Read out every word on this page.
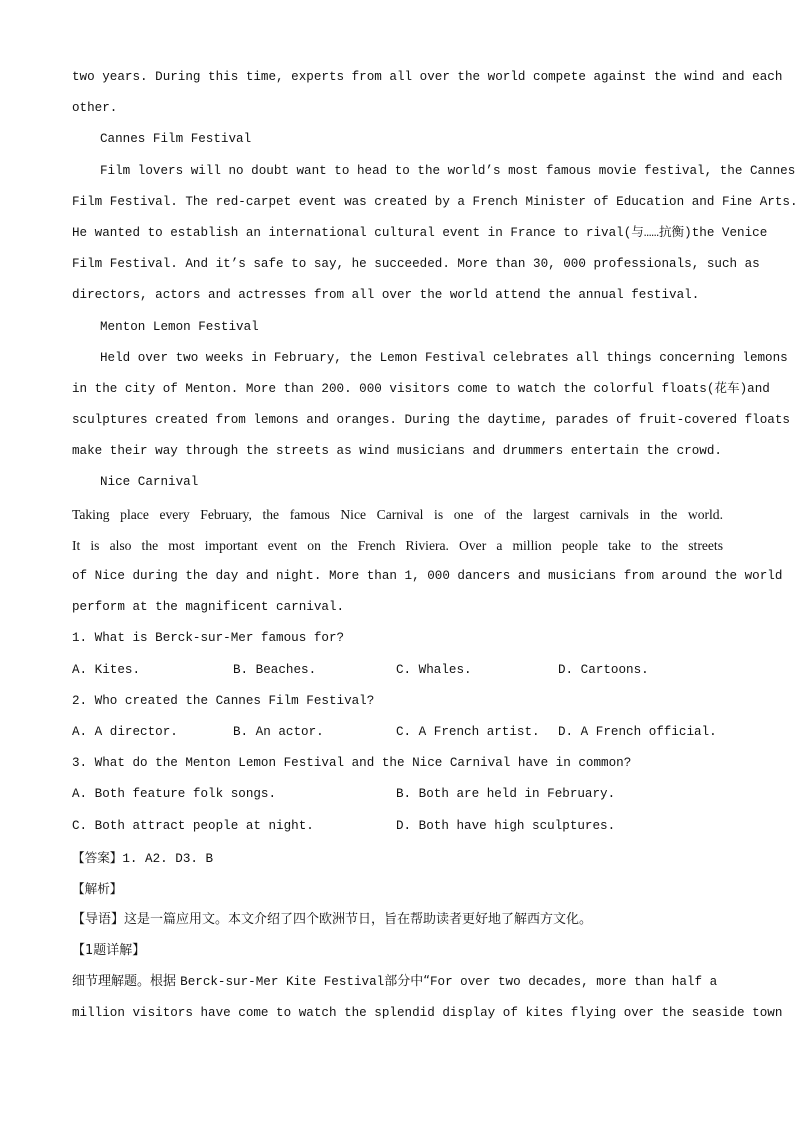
two years. During this time, experts from all over the world compete against the wind and each
other.
Cannes Film Festival
Film lovers will no doubt want to head to the world’s most famous movie festival, the Cannes
Film Festival. The red-carpet event was created by a French Minister of Education and Fine Arts.
He wanted to establish an international cultural event in France to rival(与……抗衡)the Venice
Film Festival. And it’s safe to say, he succeeded. More than 30, 000 professionals, such as
directors, actors and actresses from all over the world attend the annual festival.
Menton Lemon Festival
Held over two weeks in February, the Lemon Festival celebrates all things concerning lemons
in the city of Menton. More than 200. 000 visitors come to watch the colorful floats(花车)and
sculptures created from lemons and oranges. During the daytime, parades of fruit-covered floats
make their way through the streets as wind musicians and drummers entertain the crowd.
Nice Carnival
Taking place every February, the famous Nice Carnival is one of the largest carnivals in the world.
It is also the most important event on the French Riviera. Over a million people take to the streets
of Nice during the day and night. More than 1, 000 dancers and musicians from around the world
perform at the magnificent carnival.
1. What is Berck-sur-Mer famous for?
A. Kites.	B. Beaches.	C. Whales.	D. Cartoons.
2. Who created the Cannes Film Festival?
A. A director.	B. An actor.	C. A French artist.	D. A French official.
3. What do the Menton Lemon Festival and the Nice Carnival have in common?
A. Both feature folk songs.	B. Both are held in February.
C. Both attract people at night.	D. Both have high sculptures.
【答案】1. A2. D3. B
【解析】
【导语】这是一篇应用文。本文介绍了四个欧洲节日，旨在帮助读者更好地了解西方文化。
【1题详解】
细节理解题。根据 Berck-sur-Mer Kite Festival部分中“For over two decades, more than half a
million visitors have come to watch the splendid display of kites flying over the seaside town
